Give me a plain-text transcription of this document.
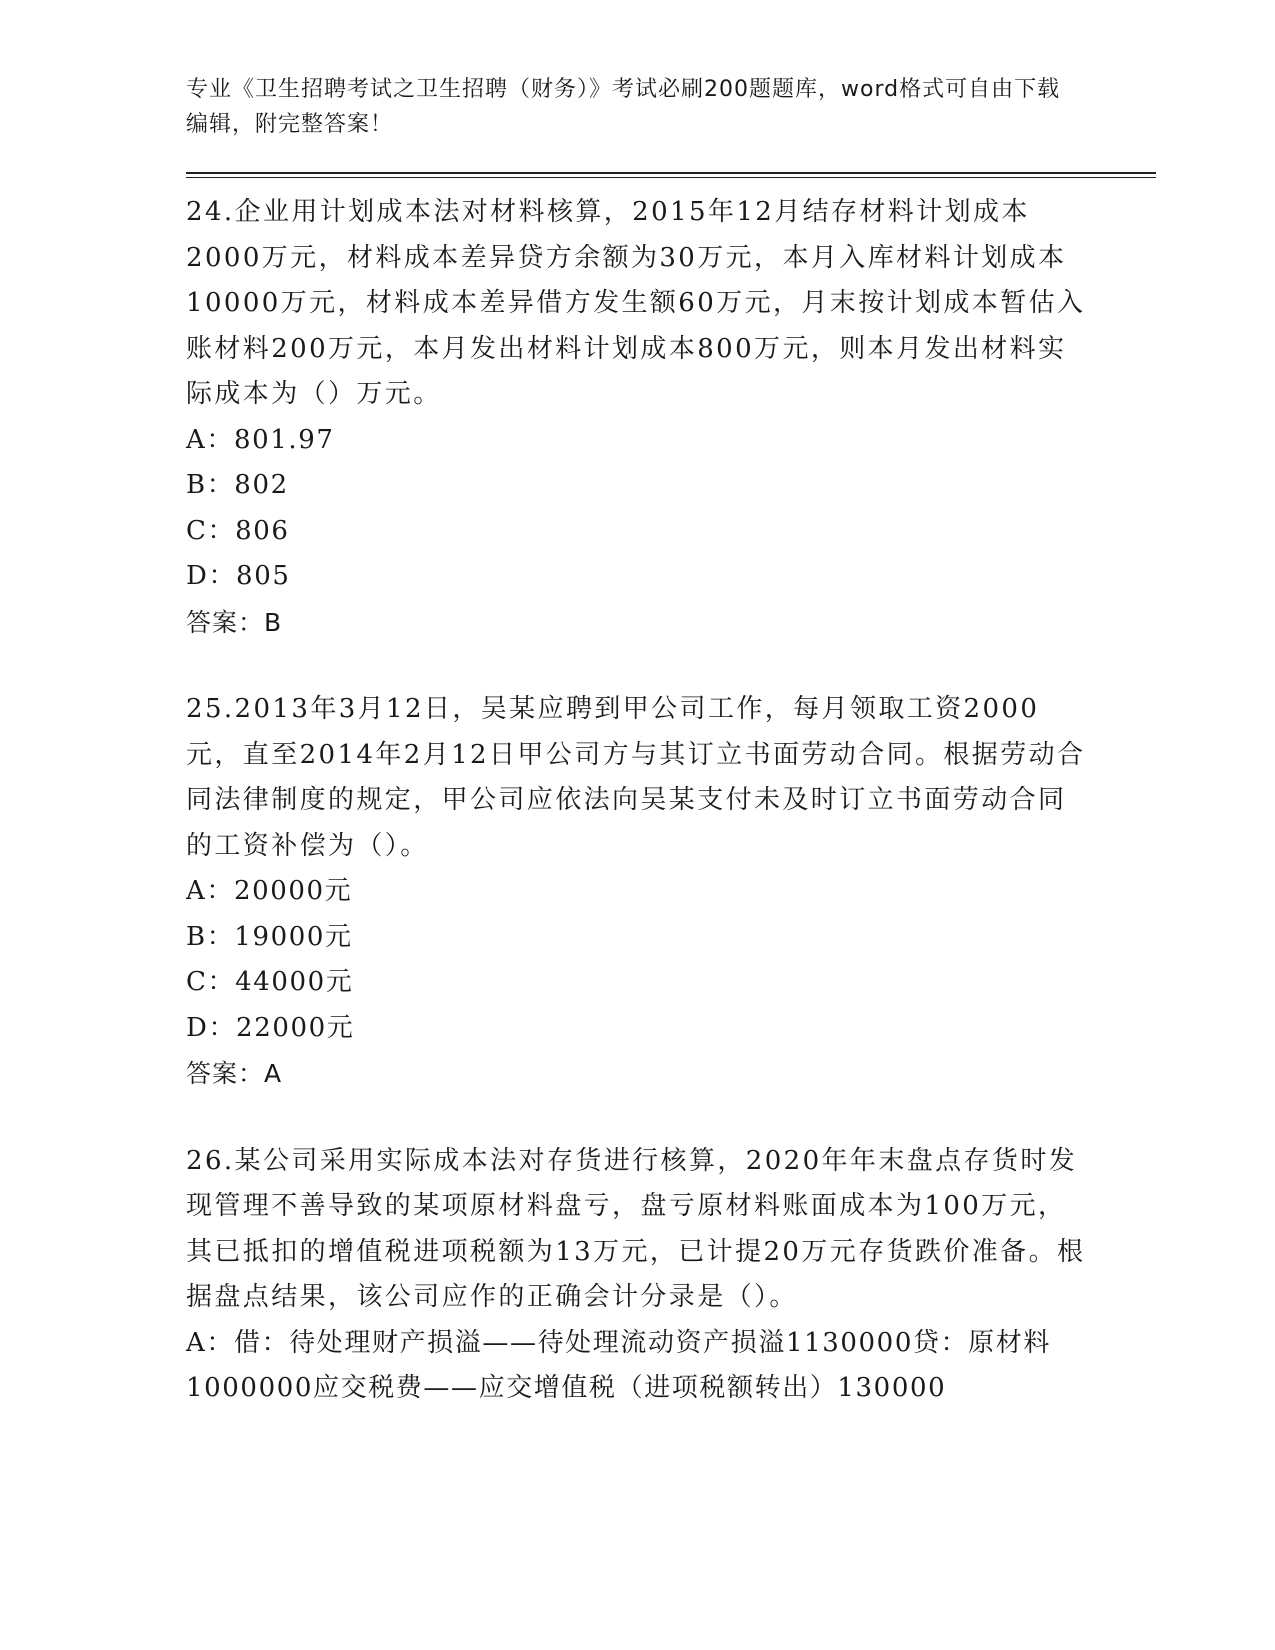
专业《卫生招聘考试之卫生招聘（财务）》考试必刷200题题库，word格式可自由下载编辑，附完整答案！
24.企业用计划成本法对材料核算，2015年12月结存材料计划成本2000万元，材料成本差异贷方余额为30万元，本月入库材料计划成本10000万元，材料成本差异借方发生额60万元，月末按计划成本暂估入账材料200万元，本月发出材料计划成本800万元，则本月发出材料实际成本为（）万元。
A：801.97
B：802
C：806
D：805
答案：B
25.2013年3月12日，吴某应聘到甲公司工作，每月领取工资2000元，直至2014年2月12日甲公司方与其订立书面劳动合同。根据劳动合同法律制度的规定，甲公司应依法向吴某支付未及时订立书面劳动合同的工资补偿为（）。
A：20000元
B：19000元
C：44000元
D：22000元
答案：A
26.某公司采用实际成本法对存货进行核算，2020年年末盘点存货时发现管理不善导致的某项原材料盘亏，盘亏原材料账面成本为100万元，其已抵扣的增值税进项税额为13万元，已计提20万元存货跌价准备。根据盘点结果，该公司应作的正确会计分录是（）。
A：借：待处理财产损溢——待处理流动资产损溢1130000贷：原材料1000000应交税费——应交增值税（进项税额转出）130000
